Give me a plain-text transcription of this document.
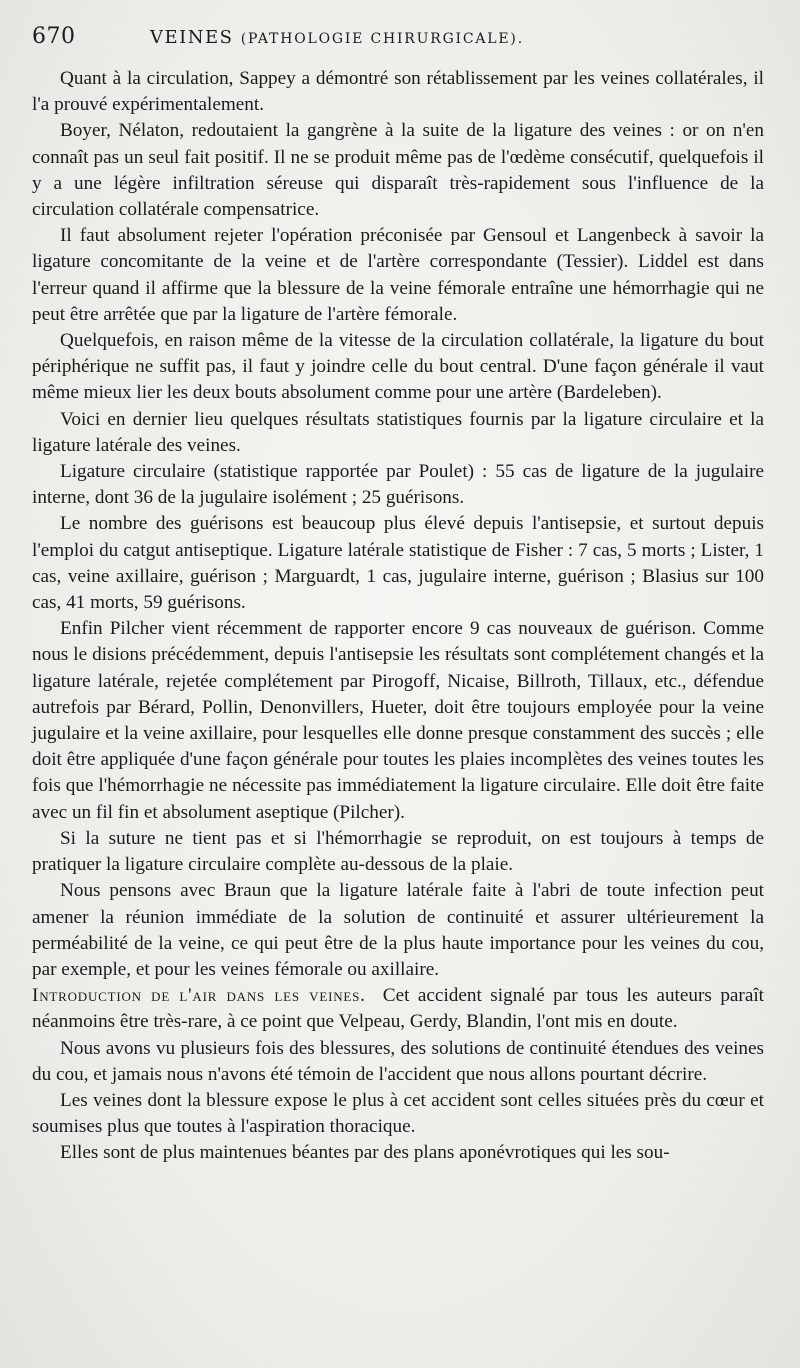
670	VEINES (PATHOLOGIE CHIRURGICALE).

Quant à la circulation, Sappey a démontré son rétablissement par les veines collatérales, il l'a prouvé expérimentalement.

Boyer, Nélaton, redoutaient la gangrène à la suite de la ligature des veines : or on n'en connaît pas un seul fait positif. Il ne se produit même pas de l'œdème consécutif, quelquefois il y a une légère infiltration séreuse qui disparaît très-rapidement sous l'influence de la circulation collatérale compensatrice.

Il faut absolument rejeter l'opération préconisée par Gensoul et Langenbeck à savoir la ligature concomitante de la veine et de l'artère correspondante (Tessier). Liddel est dans l'erreur quand il affirme que la blessure de la veine fémorale entraîne une hémorrhagie qui ne peut être arrêtée que par la ligature de l'artère fémorale.

Quelquefois, en raison même de la vitesse de la circulation collatérale, la ligature du bout périphérique ne suffit pas, il faut y joindre celle du bout central. D'une façon générale il vaut même mieux lier les deux bouts absolument comme pour une artère (Bardeleben).

Voici en dernier lieu quelques résultats statistiques fournis par la ligature circulaire et la ligature latérale des veines.

Ligature circulaire (statistique rapportée par Poulet) : 55 cas de ligature de la jugulaire interne, dont 36 de la jugulaire isolément ; 25 guérisons.

Le nombre des guérisons est beaucoup plus élevé depuis l'antisepsie, et surtout depuis l'emploi du catgut antiseptique. Ligature latérale statistique de Fisher : 7 cas, 5 morts ; Lister, 1 cas, veine axillaire, guérison ; Marguardt, 1 cas, jugulaire interne, guérison ; Blasius sur 100 cas, 41 morts, 59 guérisons.

Enfin Pilcher vient récemment de rapporter encore 9 cas nouveaux de guérison. Comme nous le disions précédemment, depuis l'antisepsie les résultats sont complétement changés et la ligature latérale, rejetée complétement par Pirogoff, Nicaise, Billroth, Tillaux, etc., défendue autrefois par Bérard, Pollin, Denonvillers, Hueter, doit être toujours employée pour la veine jugulaire et la veine axillaire, pour lesquelles elle donne presque constamment des succès ; elle doit être appliquée d'une façon générale pour toutes les plaies incomplètes des veines toutes les fois que l'hémorrhagie ne nécessite pas immédiatement la ligature circulaire. Elle doit être faite avec un fil fin et absolument aseptique (Pilcher).

Si la suture ne tient pas et si l'hémorrhagie se reproduit, on est toujours à temps de pratiquer la ligature circulaire complète au-dessous de la plaie.

Nous pensons avec Braun que la ligature latérale faite à l'abri de toute infection peut amener la réunion immédiate de la solution de continuité et assurer ultérieurement la perméabilité de la veine, ce qui peut être de la plus haute importance pour les veines du cou, par exemple, et pour les veines fémorale ou axillaire.

Introduction de l'air dans les veines. Cet accident signalé par tous les auteurs paraît néanmoins être très-rare, à ce point que Velpeau, Gerdy, Blandin, l'ont mis en doute.

Nous avons vu plusieurs fois des blessures, des solutions de continuité étendues des veines du cou, et jamais nous n'avons été témoin de l'accident que nous allons pourtant décrire.

Les veines dont la blessure expose le plus à cet accident sont celles situées près du cœur et soumises plus que toutes à l'aspiration thoracique.

Elles sont de plus maintenues béantes par des plans aponévrotiques qui les sou-
